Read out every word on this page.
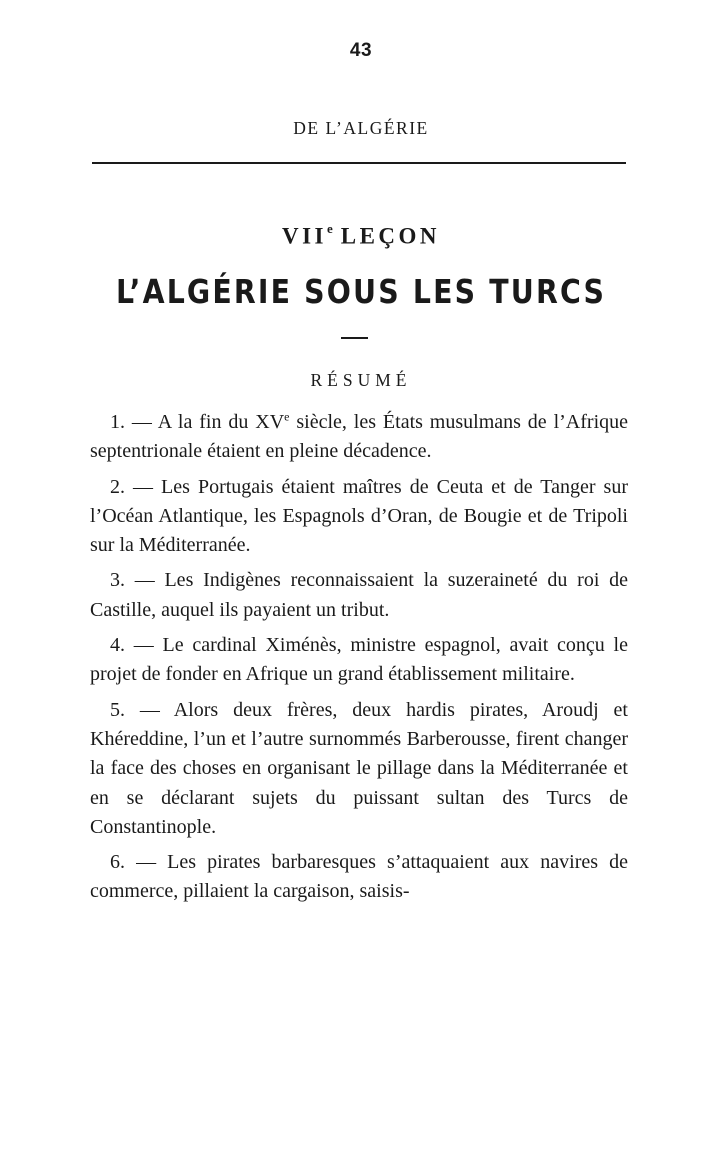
43
DE L’ALGÉRIE
VIIe LEÇON
L’ALGÉRIE SOUS LES TURCS
RÉSUMÉ

1. — A la fin du XVe siècle, les États musulmans de l’Afrique septentrionale étaient en pleine décadence.

2. — Les Portugais étaient maîtres de Ceuta et de Tanger sur l’Océan Atlantique, les Espagnols d’Oran, de Bougie et de Tripoli sur la Méditerranée.

3. — Les Indigènes reconnaissaient la suzeraineté du roi de Castille, auquel ils payaient un tribut.

4. — Le cardinal Ximénès, ministre espagnol, avait conçu le projet de fonder en Afrique un grand établissement militaire.

5. — Alors deux frères, deux hardis pirates, Aroudj et Khéreddine, l’un et l’autre surnommés Barberousse, firent changer la face des choses en organisant le pillage dans la Méditerranée et en se déclarant sujets du puissant sultan des Turcs de Constantinople.

6. — Les pirates barbaresques s’attaquaient aux navires de commerce, pillaient la cargaison, saisis-
